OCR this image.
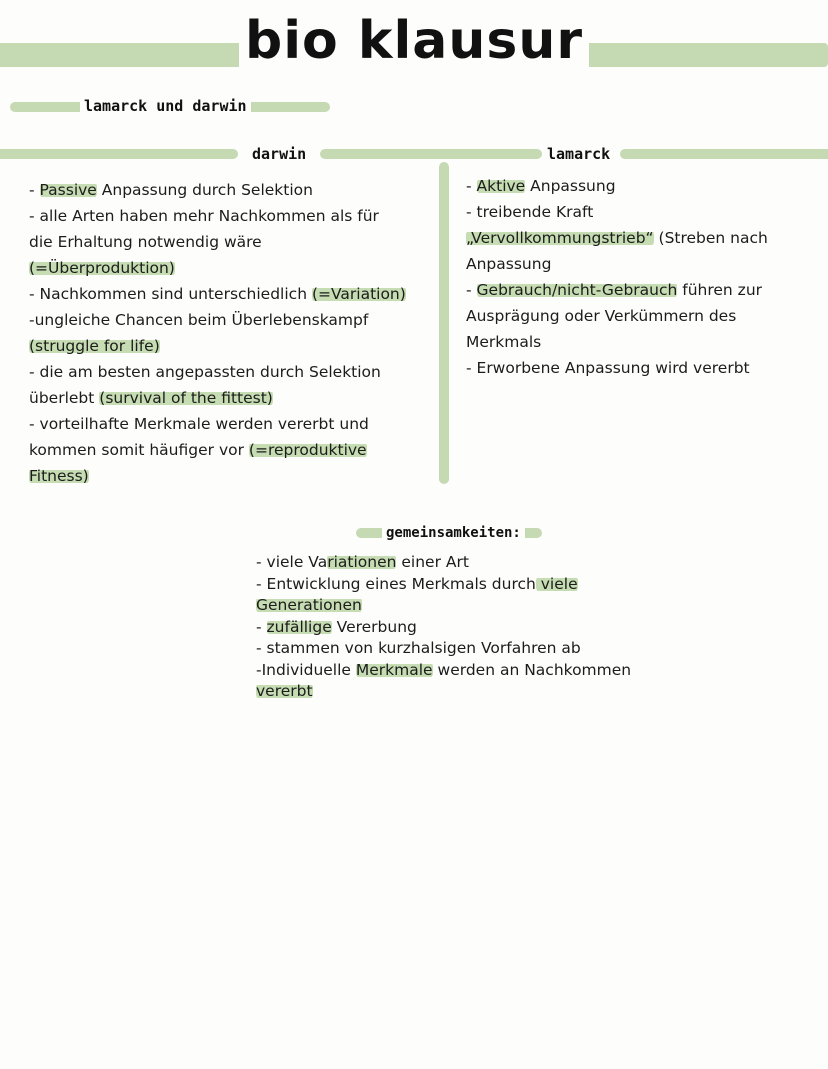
bio klausur
lamarck und darwin
darwin	lamarck
- Passive Anpassung durch Selektion
- alle Arten haben mehr Nachkommen als für
die Erhaltung notwendig wäre
(=Überproduktion)
- Nachkommen sind unterschiedlich (=Variation)
-ungleiche Chancen beim Überlebenskampf
(struggle for life)
- die am besten angepassten durch Selektion
überlebt (survival of the fittest)
- vorteilhafte Merkmale werden vererbt und
kommen somit häufiger vor (=reproduktive
Fitness)
- Aktive Anpassung
- treibende Kraft
„Vervollkommungstrieb“ (Streben nach
Anpassung
- Gebrauch/nicht-Gebrauch führen zur
Ausprägung oder Verkümmern des
Merkmals
- Erworbene Anpassung wird vererbt
gemeinsamkeiten:
- viele Variationen einer Art
- Entwicklung eines Merkmals durch viele
Generationen
- zufällige Vererbung
- stammen von kurzhalsigen Vorfahren ab
-Individuelle Merkmale werden an Nachkommen
vererbt
